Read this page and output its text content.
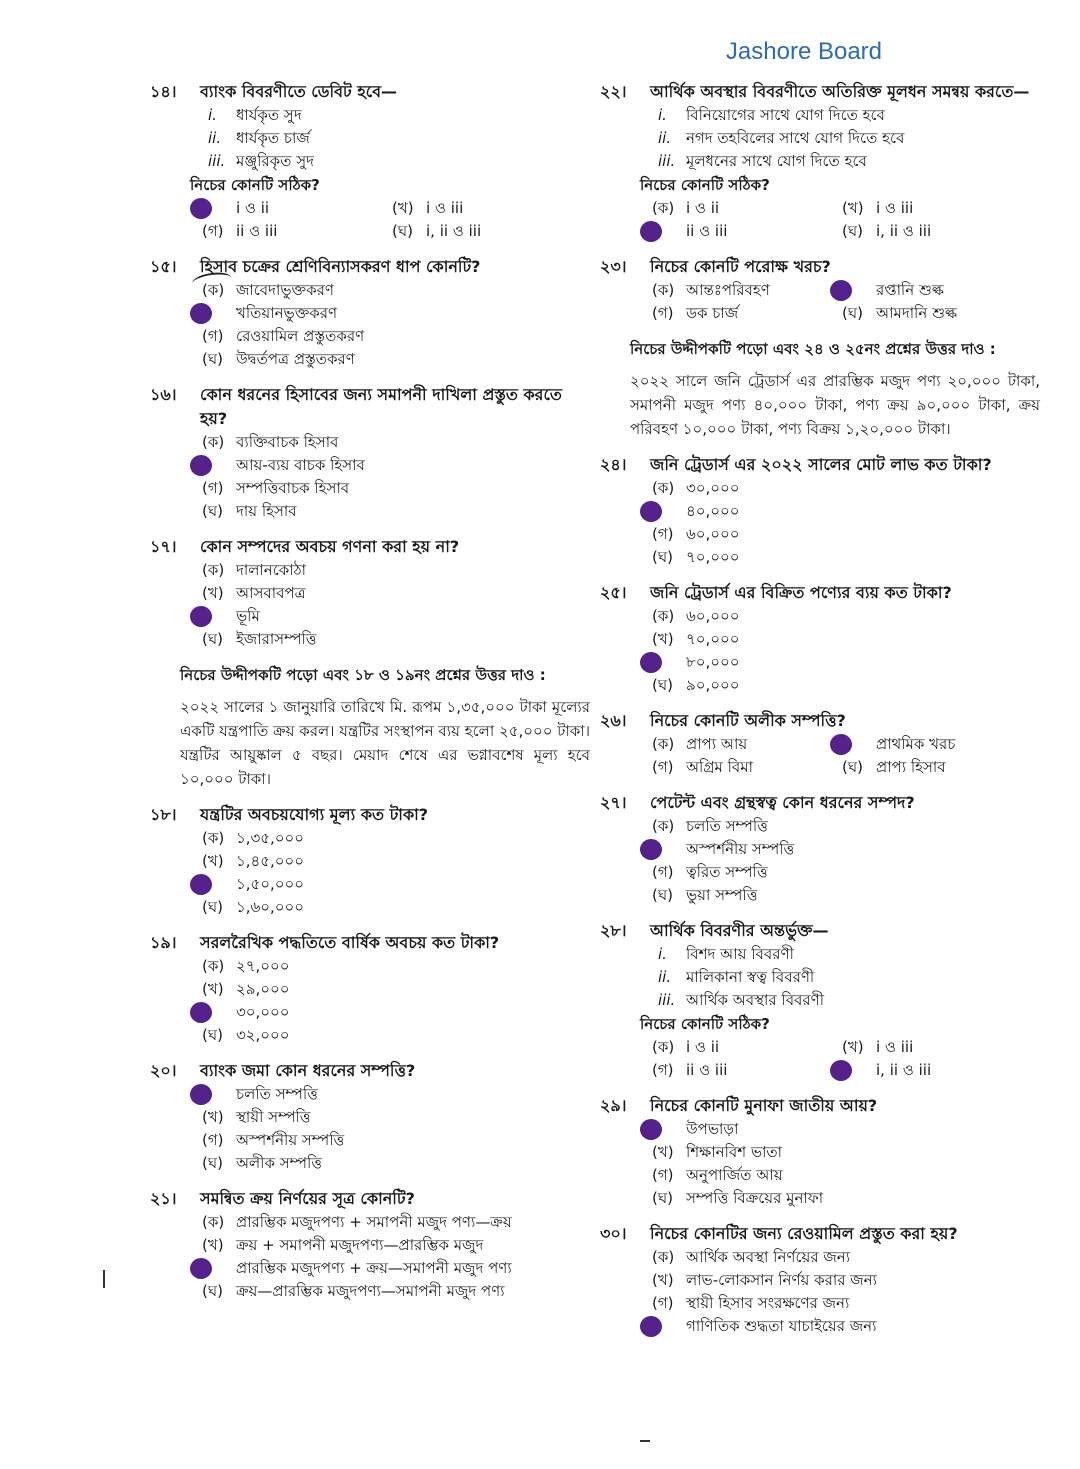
Jashore Board
১৪।	ব্যাংক বিবরণীতে ডেবিট হবে—
i. ধার্যকৃত সুদ
ii. ধার্যকৃত চার্জ
iii. মঞ্জুরিকৃত সুদ
নিচের কোনটি সঠিক?
i ও ii	(খ) i ও iii
(গ) ii ও iii	(ঘ) i, ii ও iii
১৫।	হিসাব চক্রের শ্রেণিবিন্যাসকরণ ধাপ কোনটি?
(ক) জাবেদাভুক্তকরণ
খতিয়ানভুক্তকরণ
(গ) রেওয়ামিল প্রস্তুতকরণ
(ঘ) উদ্বর্তপত্র প্রস্তুতকরণ
১৬।	কোন ধরনের হিসাবের জন্য সমাপনী দাখিলা প্রস্তুত করতে হয়?
(ক) ব্যক্তিবাচক হিসাব
আয়-ব্যয় বাচক হিসাব
(গ) সম্পত্তিবাচক হিসাব
(ঘ) দায় হিসাব
১৭।	কোন সম্পদের অবচয় গণনা করা হয় না?
(ক) দালানকোঠা
(খ) আসবাবপত্র
ভূমি
(ঘ) ইজারাসম্পত্তি
নিচের উদ্দীপকটি পড়ো এবং ১৮ ও ১৯নং প্রশ্নের উত্তর দাও :
২০২২ সালের ১ জানুয়ারি তারিখে মি. রূপম ১,৩৫,০০০ টাকা মূল্যের একটি যন্ত্রপাতি ক্রয় করল। যন্ত্রটির সংস্থাপন ব্যয় হলো ২৫,০০০ টাকা। যন্ত্রটির আয়ুষ্কাল ৫ বছর। মেয়াদ শেষে এর ভগ্নাবশেষ মূল্য হবে ১০,০০০ টাকা।
১৮।	যন্ত্রটির অবচয়যোগ্য মূল্য কত টাকা?
(ক) ১,৩৫,০০০
(খ) ১,৪৫,০০০
১,৫০,০০০
(ঘ) ১,৬০,০০০
১৯।	সরলরৈখিক পদ্ধতিতে বার্ষিক অবচয় কত টাকা?
(ক) ২৭,০০০
(খ) ২৯,০০০
৩০,০০০
(ঘ) ৩২,০০০
২০।	ব্যাংক জমা কোন ধরনের সম্পত্তি?
চলতি সম্পত্তি
(খ) স্থায়ী সম্পত্তি
(গ) অস্পর্শনীয় সম্পত্তি
(ঘ) অলীক সম্পত্তি
২১।	সমন্বিত ক্রয় নির্ণয়ের সূত্র কোনটি?
(ক) প্রারম্ভিক মজুদপণ্য + সমাপনী মজুদ পণ্য—ক্রয়
(খ) ক্রয় + সমাপনী মজুদপণ্য—প্রারম্ভিক মজুদ
প্রারম্ভিক মজুদপণ্য + ক্রয়—সমাপনী মজুদ পণ্য
(ঘ) ক্রয়—প্রারম্ভিক মজুদপণ্য—সমাপনী মজুদ পণ্য
২২।	আর্থিক অবস্থার বিবরণীতে অতিরিক্ত মূলধন সমন্বয় করতে—
i. বিনিয়োগের সাথে যোগ দিতে হবে
ii. নগদ তহবিলের সাথে যোগ দিতে হবে
iii. মূলধনের সাথে যোগ দিতে হবে
নিচের কোনটি সঠিক?
(ক) i ও ii	(খ) i ও iii
ii ও iii	(ঘ) i, ii ও iii
২৩।	নিচের কোনটি পরোক্ষ খরচ?
(ক) আন্তঃপরিবহণ	রপ্তানি শুল্ক
(গ) ডক চার্জ	(ঘ) আমদানি শুল্ক
নিচের উদ্দীপকটি পড়ো এবং ২৪ ও ২৫নং প্রশ্নের উত্তর দাও :
২০২২ সালে জনি ট্রেডার্স এর প্রারম্ভিক মজুদ পণ্য ২০,০০০ টাকা, সমাপনী মজুদ পণ্য ৪০,০০০ টাকা, পণ্য ক্রয় ৯০,০০০ টাকা, ক্রয় পরিবহণ ১০,০০০ টাকা, পণ্য বিক্রয় ১,২০,০০০ টাকা।
২৪।	জনি ট্রেডার্স এর ২০২২ সালের মোট লাভ কত টাকা?
(ক) ৩০,০০০
৪০,০০০
(গ) ৬০,০০০
(ঘ) ৭০,০০০
২৫।	জনি ট্রেডার্স এর বিক্রিত পণ্যের ব্যয় কত টাকা?
(ক) ৬০,০০০
(খ) ৭০,০০০
৮০,০০০
(ঘ) ৯০,০০০
২৬।	নিচের কোনটি অলীক সম্পত্তি?
(ক) প্রাপ্য আয়	প্রাথমিক খরচ
(গ) অগ্রিম বিমা	(ঘ) প্রাপ্য হিসাব
২৭।	পেটেন্ট এবং গ্রন্থস্বত্ব কোন ধরনের সম্পদ?
(ক) চলতি সম্পত্তি
অস্পর্শনীয় সম্পত্তি
(গ) ত্বরিত সম্পত্তি
(ঘ) ভুয়া সম্পত্তি
২৮।	আর্থিক বিবরণীর অন্তর্ভুক্ত—
i. বিশদ আয় বিবরণী
ii. মালিকানা স্বত্ব বিবরণী
iii. আর্থিক অবস্থার বিবরণী
নিচের কোনটি সঠিক?
(ক) i ও ii	(খ) i ও iii
(গ) ii ও iii	i, ii ও iii
২৯।	নিচের কোনটি মুনাফা জাতীয় আয়?
উপভাড়া
(খ) শিক্ষানবিশ ভাতা
(গ) অনুপার্জিত আয়
(ঘ) সম্পত্তি বিক্রয়ের মুনাফা
৩০।	নিচের কোনটির জন্য রেওয়ামিল প্রস্তুত করা হয়?
(ক) আর্থিক অবস্থা নির্ণয়ের জন্য
(খ) লাভ-লোকসান নির্ণয় করার জন্য
(গ) স্থায়ী হিসাব সংরক্ষণের জন্য
গাণিতিক শুদ্ধতা যাচাইয়ের জন্য
